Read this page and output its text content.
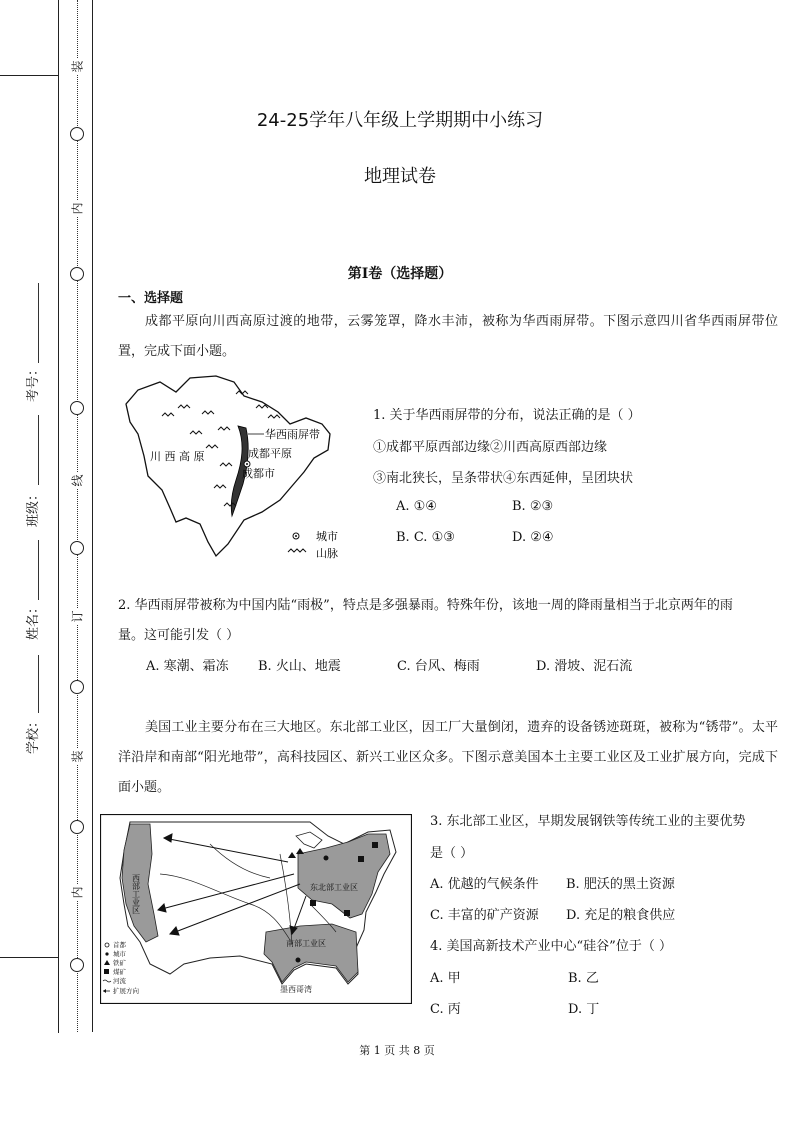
装
内
线
订
装
内
考号：
班级：
姓名：
学校：
24-25学年八年级上学期期中小练习
地理试卷
第Ⅰ卷（选择题）
一、选择题
成都平原向川西高原过渡的地带，云雾笼罩，降水丰沛，被称为华西雨屏带。下图示意四川省华西雨屏带位置，完成下面小题。
华西雨屏带
成都平原
成都市
川 西 高 原
城市
山脉
1. 关于华西雨屏带的分布，说法正确的是（ ）
①成都平原西部边缘②川西高原西部边缘
③南北狭长，呈条带状④东西延伸，呈团块状
A. ①④	B. ②③
B. C. ①③	D. ②④
2. 华西雨屏带被称为中国内陆“雨极”，特点是多强暴雨。特殊年份，该地一周的降雨量相当于北京两年的雨
量。这可能引发（ ）
A. 寒潮、霜冻 B. 火山、地震	C. 台风、梅雨	D. 滑坡、泥石流
美国工业主要分布在三大地区。东北部工业区，因工厂大量倒闭，遗弃的设备锈迹斑斑，被称为“锈带”。太平洋沿岸和南部“阳光地带”，高科技园区、新兴工业区众多。下图示意美国本土主要工业区及工业扩展方向，完成下面小题。
西部工业区	东北部工业区
南部工业区
墨西哥湾
首都
城市
铁矿
煤矿
河流
扩展方向
3. 东北部工业区，早期发展钢铁等传统工业的主要优势
是（ ）
A. 优越的气候条件 B. 肥沃的黑土资源
C. 丰富的矿产资源 D. 充足的粮食供应
4. 美国高新技术产业中心“硅谷”位于（ ）
A. 甲	B. 乙
C. 丙	D. 丁
第 1 页 共 8 页
